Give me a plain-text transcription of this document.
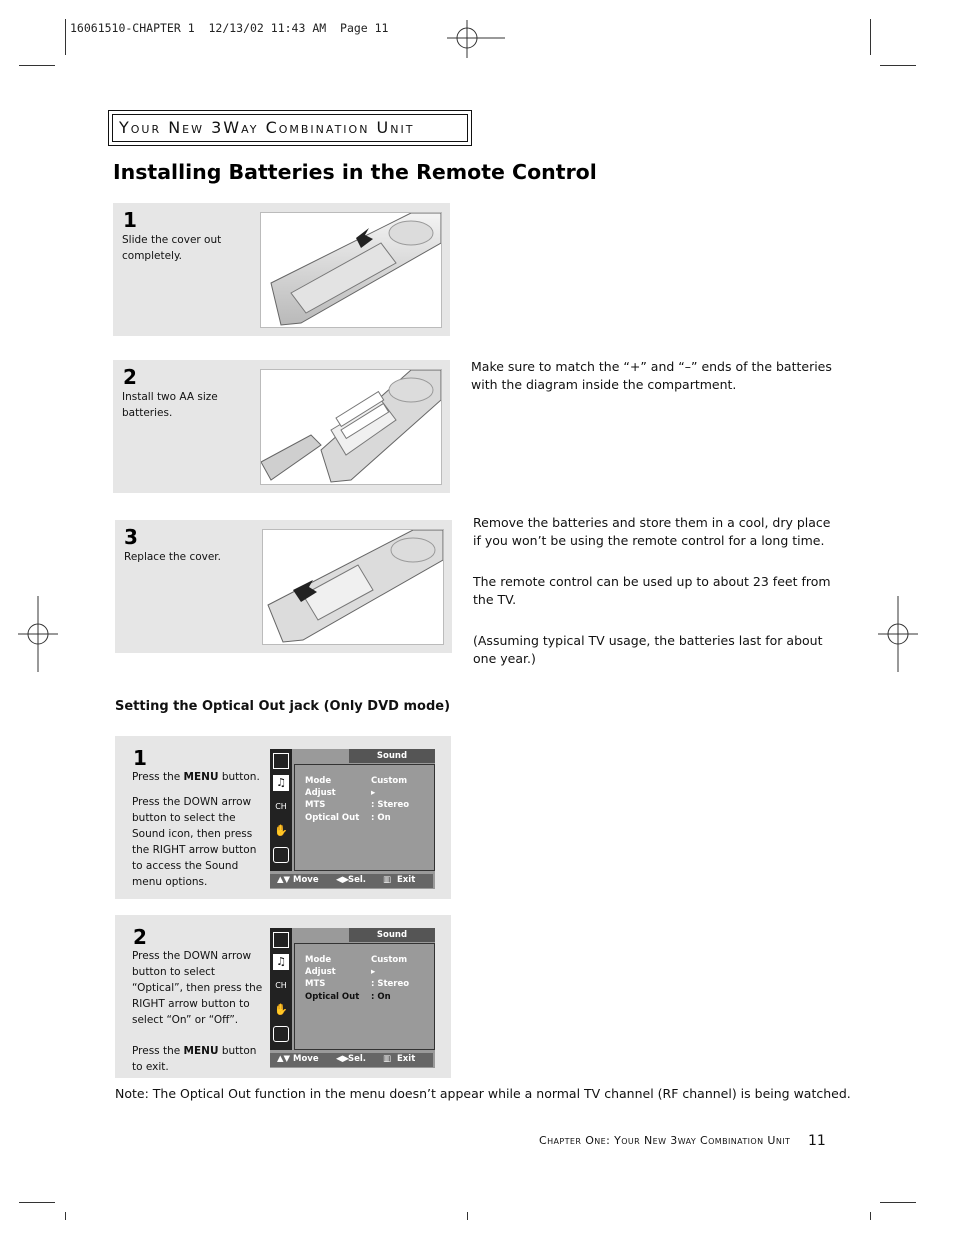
16061510-CHAPTER 1  12/13/02 11:43 AM  Page 11
Your New 3Way Combination Unit
Installing Batteries in the Remote Control
1
Slide the cover out completely.
2
Install two AA size batteries.
Make sure to match the “+” and “–” ends of the batteries with the diagram inside the compartment.
3
Replace the cover.
Remove the batteries and store them in a cool, dry place if you won’t be using the remote control for a long time.
The remote control can be used up to about 23 feet from the TV.
(Assuming typical TV usage, the batteries last for about one year.)
Setting the Optical Out jack (Only DVD mode)
1
Press the MENU button.
Press the DOWN arrow button to select the Sound icon, then press the RIGHT arrow button to access the Sound menu options.
♫
CH
✋
Sound
Mode	Custom
Adjust	▸
MTS	: Stereo
Optical Out : On
▲▼ Move ◀▶
Sel. ▥ Exit
2
Press the DOWN arrow button to select “Optical”, then press the RIGHT arrow button to select “On” or “Off”.
Press the MENU button to exit.
♫
CH
✋
Sound
Mode	Custom
Adjust	▸
MTS	: Stereo
Optical Out : On
▲▼ Move ◀▶
Sel. ▥ Exit
Note: The Optical Out function in the menu doesn’t appear while a normal TV channel (RF channel) is being watched.
Chapter One: Your New 3way Combination Unit 11
